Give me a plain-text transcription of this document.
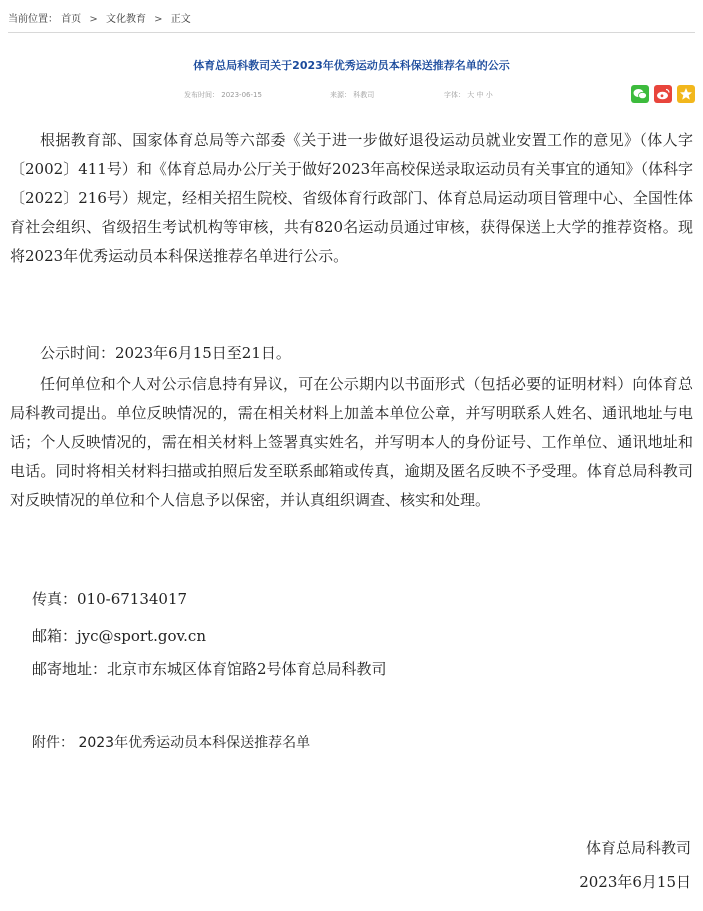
当前位置： 首页 > 文化教育 > 正文
体育总局科教司关于2023年优秀运动员本科保送推荐名单的公示
发布时间： 2023-06-15	来源： 科教司	字体： 大 中 小
根据教育部、国家体育总局等六部委《关于进一步做好退役运动员就业安置工作的意见》（体人字〔2002〕411号）和《体育总局办公厅关于做好2023年高校保送录取运动员有关事宜的通知》（体科字〔2022〕216号）规定，经相关招生院校、省级体育行政部门、体育总局运动项目管理中心、全国性体育社会组织、省级招生考试机构等审核，共有820名运动员通过审核，获得保送上大学的推荐资格。现将2023年优秀运动员本科保送推荐名单进行公示。
公示时间：2023年6月15日至21日。
任何单位和个人对公示信息持有异议，可在公示期内以书面形式（包括必要的证明材料）向体育总局科教司提出。单位反映情况的，需在相关材料上加盖本单位公章，并写明联系人姓名、通讯地址与电话；个人反映情况的，需在相关材料上签署真实姓名，并写明本人的身份证号、工作单位、通讯地址和电话。同时将相关材料扫描或拍照后发至联系邮箱或传真，逾期及匿名反映不予受理。体育总局科教司对反映情况的单位和个人信息予以保密，并认真组织调查、核实和处理。
传真：010-67134017
邮箱：jyc@sport.gov.cn
邮寄地址：北京市东城区体育馆路2号体育总局科教司
附件： 2023年优秀运动员本科保送推荐名单
体育总局科教司
2023年6月15日
